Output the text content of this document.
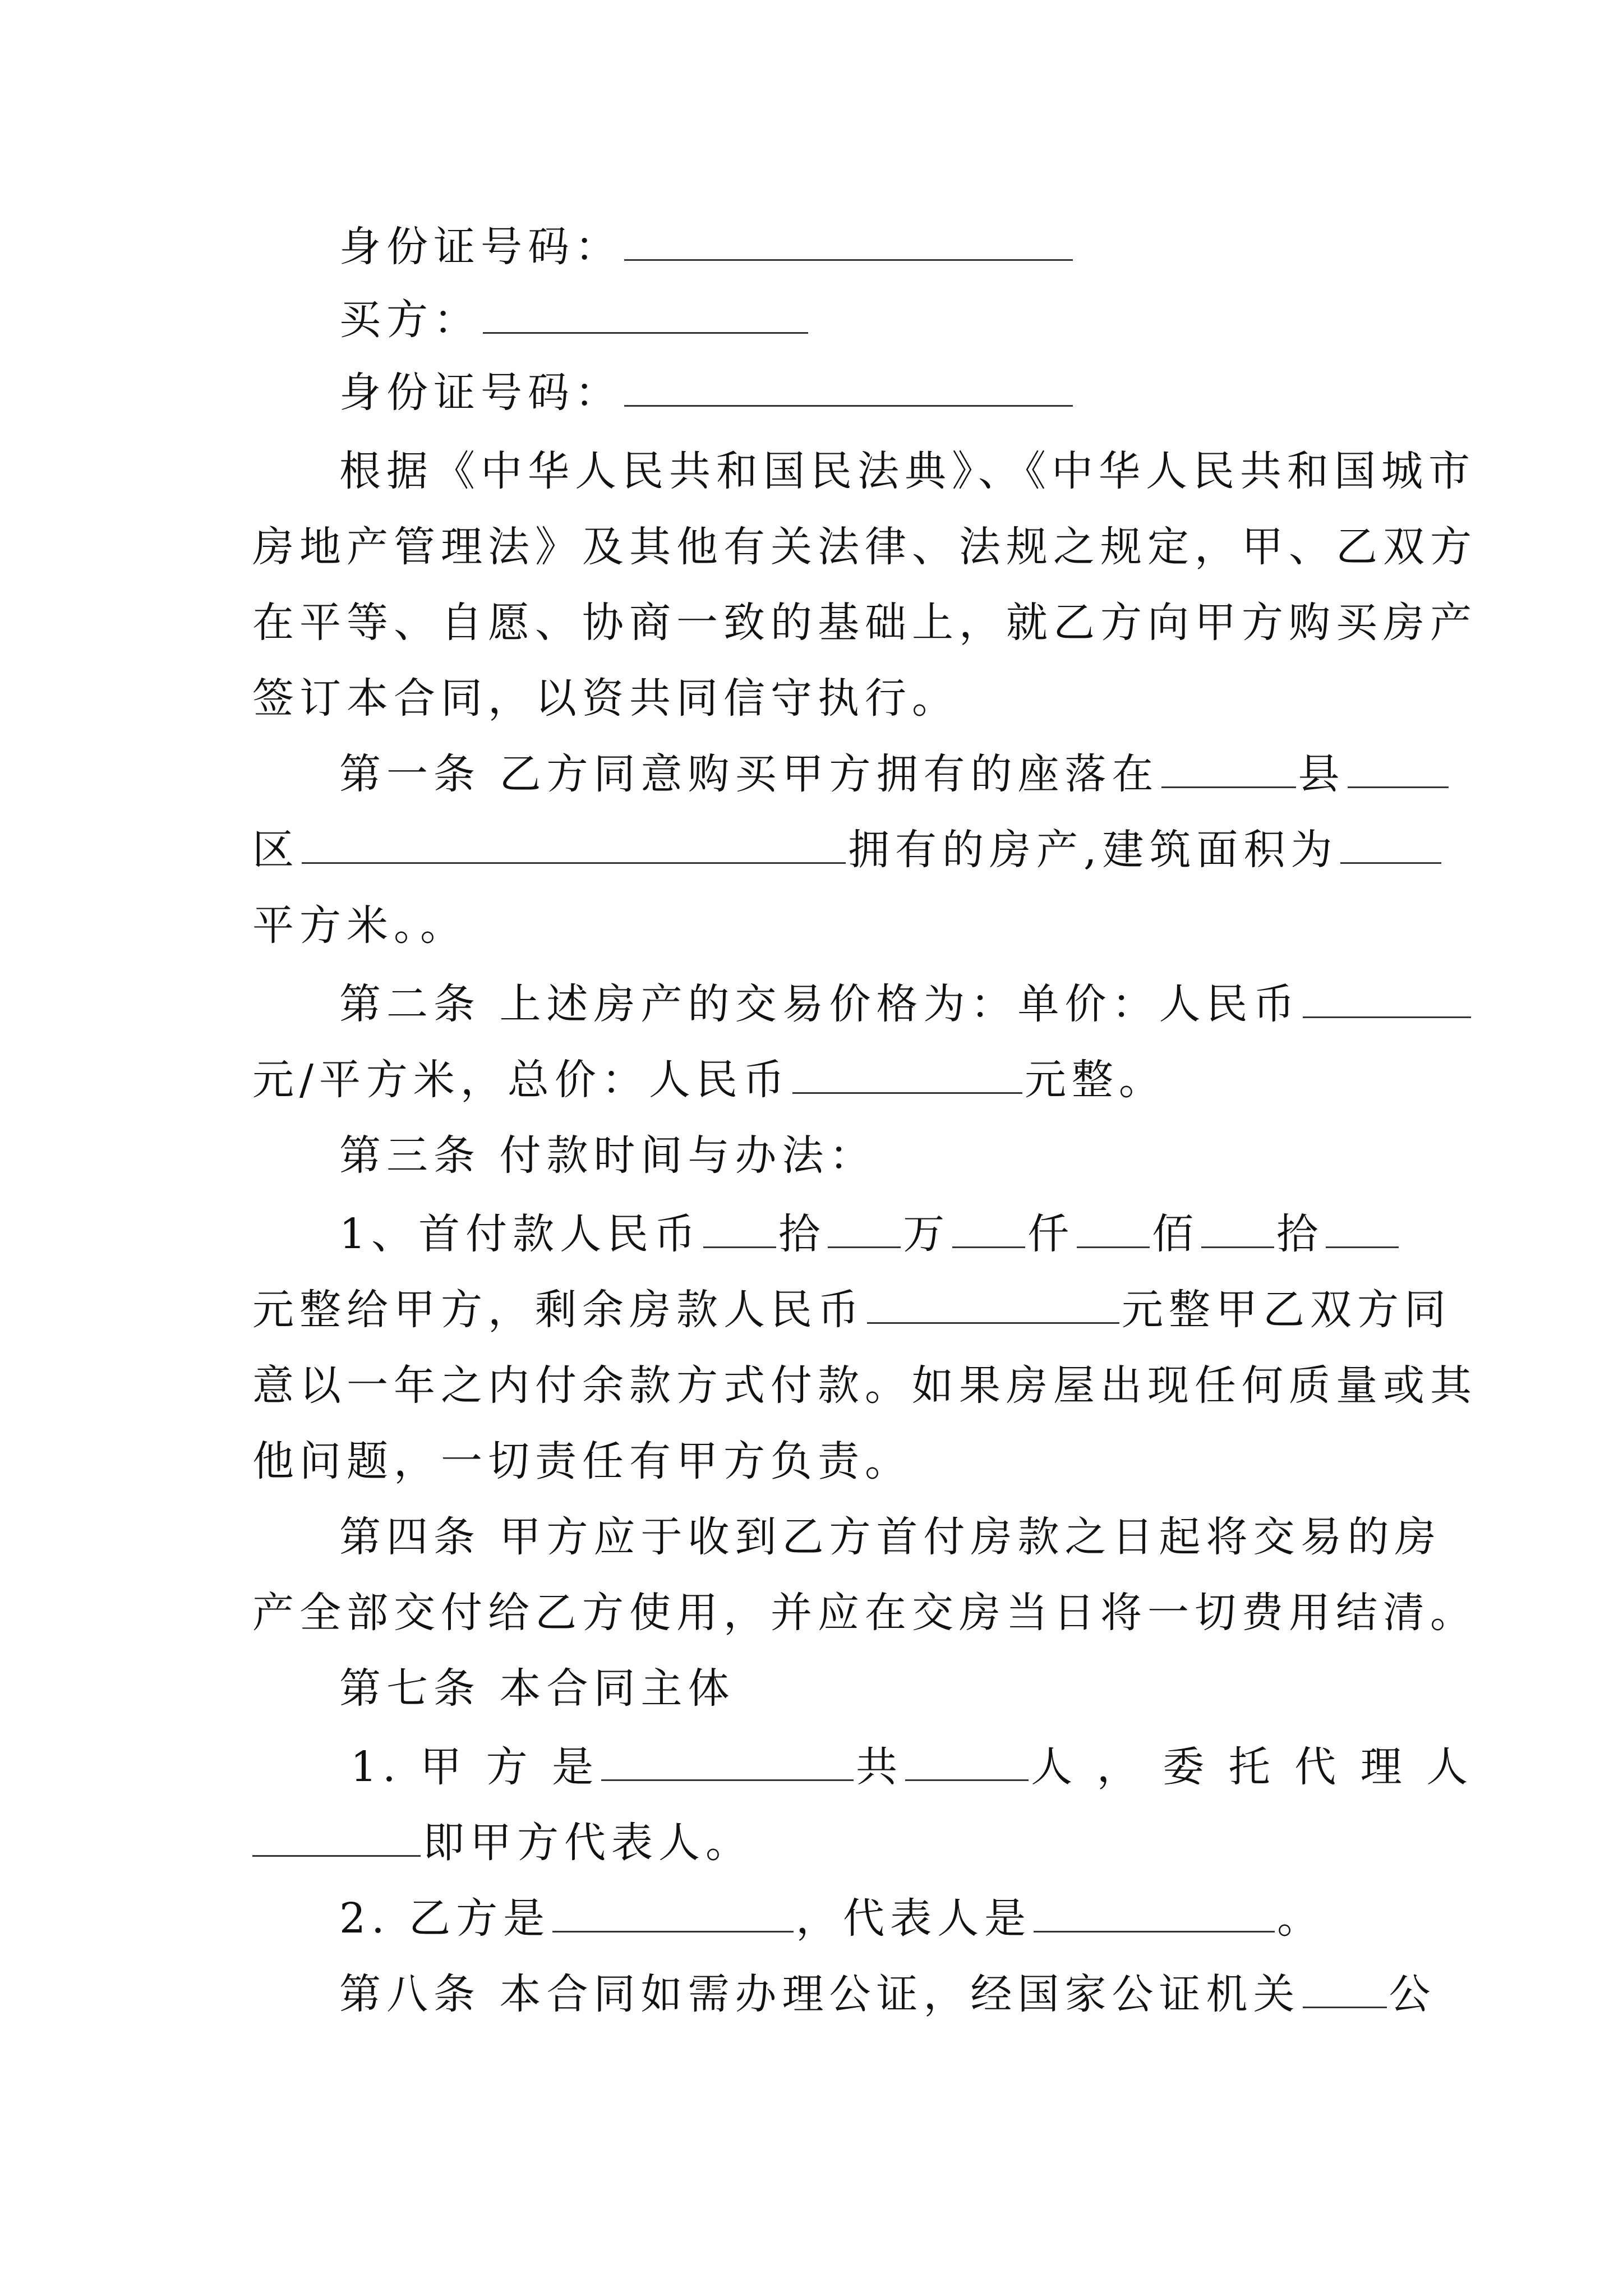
身份证号码：
买方：
身份证号码：
根据《中华人民共和国民法典》、《中华人民共和国城市
房地产管理法》及其他有关法律、法规之规定，甲、乙双方
在平等、自愿、协商一致的基础上，就乙方向甲方购买房产
签订本合同，以资共同信守执行。
第一条 乙方同意购买甲方拥有的座落在	县
区	拥有的房产,建筑面积为
平方米。。
第二条 上述房产的交易价格为：单价：人民币
元/平方米，总价：人民币	元整。
第三条 付款时间与办法：
1、首付款人民币 拾 万 仟 佰 拾
元整给甲方，剩余房款人民币	元整甲乙双方同
意以一年之内付余款方式付款。如果房屋出现任何质量或其
他问题，一切责任有甲方负责。
第四条 甲方应于收到乙方首付房款之日起将交易的房
产全部交付给乙方使用，并应在交房当日将一切费用结清。
第七条 本合同主体
1. 甲 方 是	共	人 ， 委 托 代 理 人
即甲方代表人。
2. 乙方是	，代表人是	。
第八条 本合同如需办理公证，经国家公证机关 公
